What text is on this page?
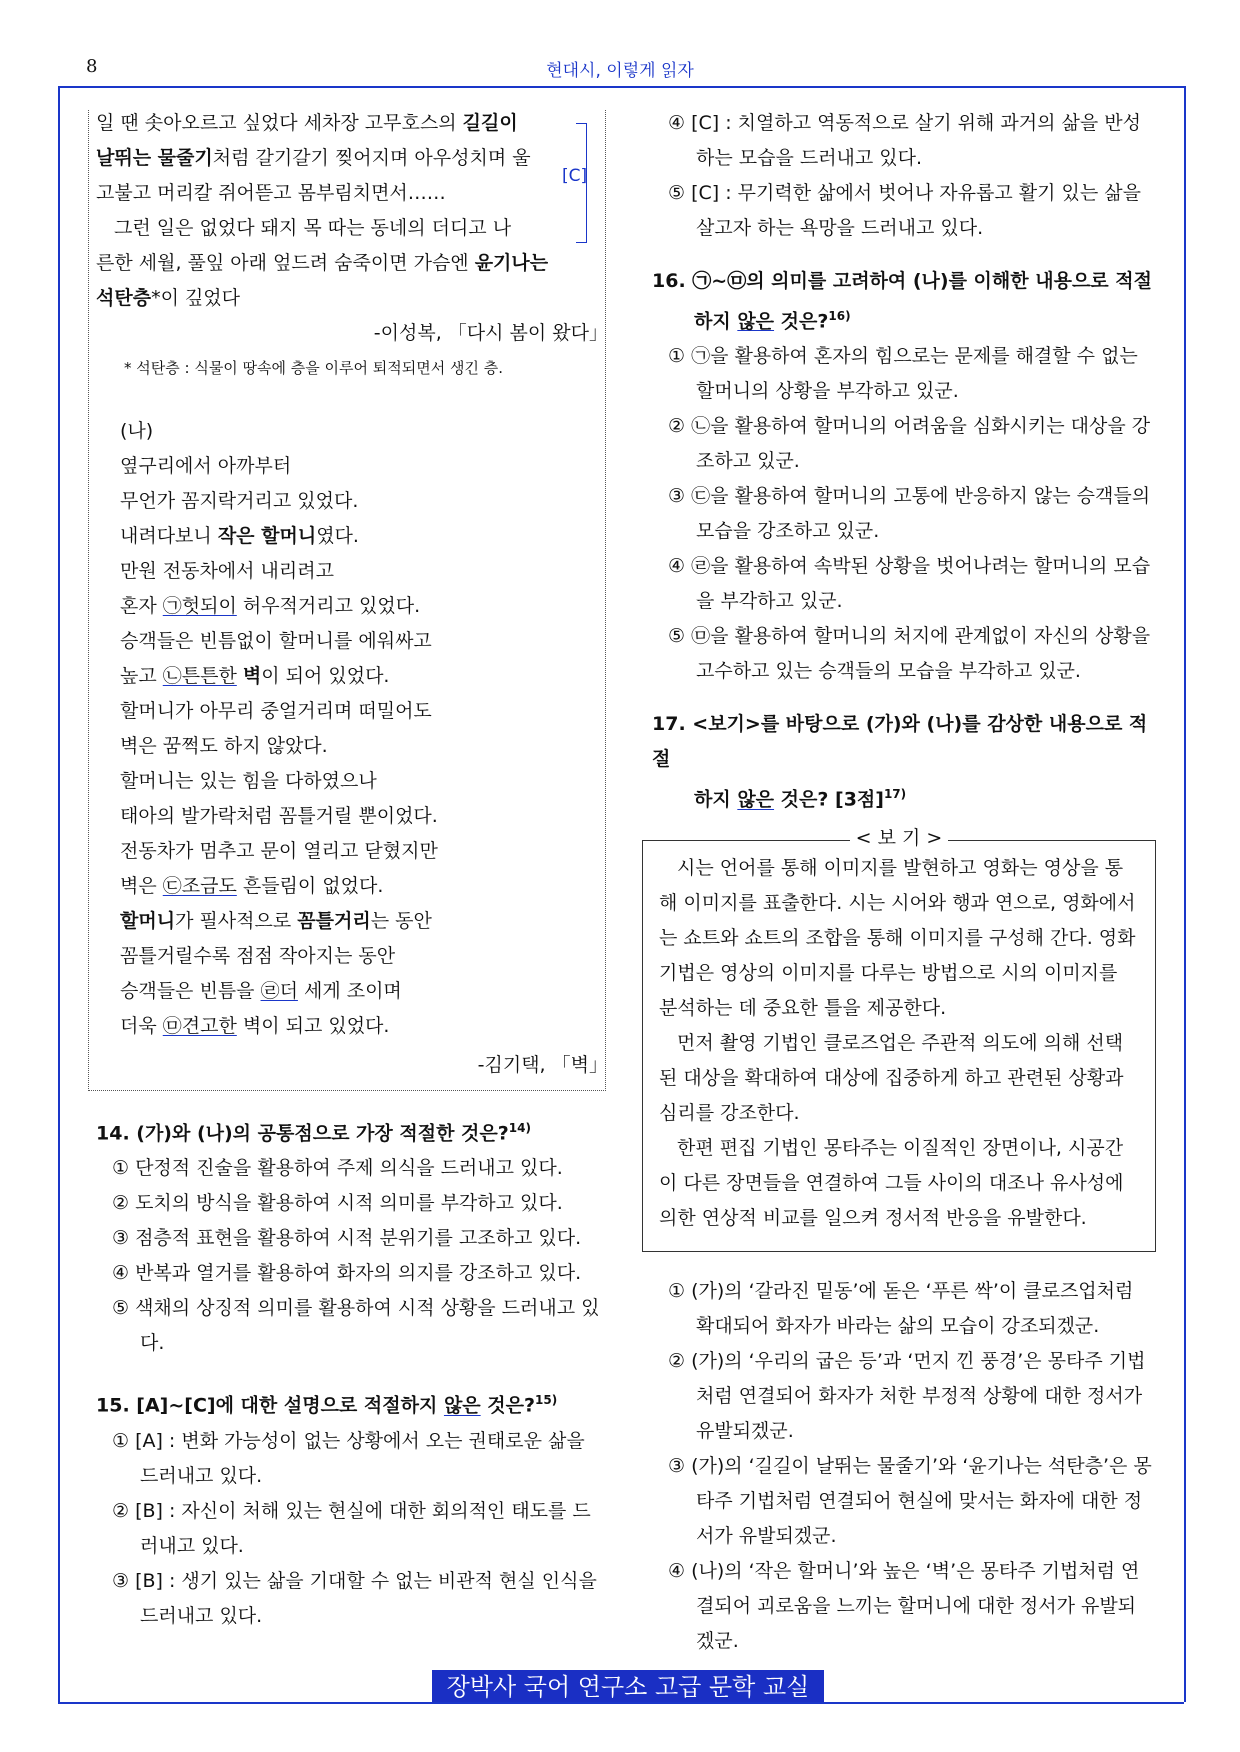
8	현대시, 이렇게 읽자
[C]

일 땐 솟아오르고 싶었다 세차장 고무호스의 길길이

날뛰는 물줄기처럼 갈기갈기 찢어지며 아우성치며 울

고불고 머리칼 쥐어뜯고 몸부림치면서……

그런 일은 없었다 돼지 목 따는 동네의 더디고 나

른한 세월, 풀잎 아래 엎드려 숨죽이면 가슴엔 윤기나는

석탄층*이 깊었다

-이성복, 「다시 봄이 왔다」

* 석탄층 : 식물이 땅속에 층을 이루어 퇴적되면서 생긴 층.

(나)

옆구리에서 아까부터

무언가 꼼지락거리고 있었다.

내려다보니 작은 할머니였다.

만원 전동차에서 내리려고

혼자 ㉠헛되이 허우적거리고 있었다.

승객들은 빈틈없이 할머니를 에워싸고

높고 ㉡튼튼한 벽이 되어 있었다.

할머니가 아무리 중얼거리며 떠밀어도

벽은 꿈쩍도 하지 않았다.

할머니는 있는 힘을 다하였으나

태아의 발가락처럼 꼼틀거릴 뿐이었다.

전동차가 멈추고 문이 열리고 닫혔지만

벽은 ㉢조금도 흔들림이 없었다.

할머니가 필사적으로 꼼틀거리는 동안

꼼틀거릴수록 점점 작아지는 동안

승객들은 빈틈을 ㉣더 세게 조이며

더욱 ㉤견고한 벽이 되고 있었다.

-김기택, 「벽」

14. (가)와 (나)의 공통점으로 가장 적절한 것은?$^{14)}$

① 단정적 진술을 활용하여 주제 의식을 드러내고 있다.

② 도치의 방식을 활용하여 시적 의미를 부각하고 있다.

③ 점층적 표현을 활용하여 시적 분위기를 고조하고 있다.

④ 반복과 열거를 활용하여 화자의 의지를 강조하고 있다.

⑤ 색채의 상징적 의미를 활용하여 시적 상황을 드러내고 있다.

15. [A]~[C]에 대한 설명으로 적절하지 않은 것은?$^{15)}$

① [A] : 변화 가능성이 없는 상황에서 오는 권태로운 삶을 드러내고 있다.

② [B] : 자신이 처해 있는 현실에 대한 회의적인 태도를 드러내고 있다.

③ [B] : 생기 있는 삶을 기대할 수 없는 비관적 현실 인식을 드러내고 있다.

④ [C] : 치열하고 역동적으로 살기 위해 과거의 삶을 반성하는 모습을 드러내고 있다.

⑤ [C] : 무기력한 삶에서 벗어나 자유롭고 활기 있는 삶을 살고자 하는 욕망을 드러내고 있다.

16. ㉠~㉤의 의미를 고려하여 (나)를 이해한 내용으로 적절

하지 않은 것은?$^{16)}$

① ㉠을 활용하여 혼자의 힘으로는 문제를 해결할 수 없는 할머니의 상황을 부각하고 있군.

② ㉡을 활용하여 할머니의 어려움을 심화시키는 대상을 강조하고 있군.

③ ㉢을 활용하여 할머니의 고통에 반응하지 않는 승객들의 모습을 강조하고 있군.

④ ㉣을 활용하여 속박된 상황을 벗어나려는 할머니의 모습을 부각하고 있군.

⑤ ㉤을 활용하여 할머니의 처지에 관계없이 자신의 상황을 고수하고 있는 승객들의 모습을 부각하고 있군.

17. <보기>를 바탕으로 (가)와 (나)를 감상한 내용으로 적절

하지 않은 것은? [3점]$^{17)}$

< 보 기 >

시는 언어를 통해 이미지를 발현하고 영화는 영상을 통해 이미지를 표출한다. 시는 시어와 행과 연으로, 영화에서는 쇼트와 쇼트의 조합을 통해 이미지를 구성해 간다. 영화 기법은 영상의 이미지를 다루는 방법으로 시의 이미지를 분석하는 데 중요한 틀을 제공한다.

먼저 촬영 기법인 클로즈업은 주관적 의도에 의해 선택된 대상을 확대하여 대상에 집중하게 하고 관련된 상황과 심리를 강조한다.

한편 편집 기법인 몽타주는 이질적인 장면이나, 시공간이 다른 장면들을 연결하여 그들 사이의 대조나 유사성에 의한 연상적 비교를 일으켜 정서적 반응을 유발한다.

① (가)의 ‘갈라진 밑동’에 돋은 ‘푸른 싹’이 클로즈업처럼 확대되어 화자가 바라는 삶의 모습이 강조되겠군.

② (가)의 ‘우리의 굽은 등’과 ‘먼지 낀 풍경’은 몽타주 기법처럼 연결되어 화자가 처한 부정적 상황에 대한 정서가 유발되겠군.

③ (가)의 ‘길길이 날뛰는 물줄기’와 ‘윤기나는 석탄층’은 몽타주 기법처럼 연결되어 현실에 맞서는 화자에 대한 정서가 유발되겠군.

④ (나)의 ‘작은 할머니’와 높은 ‘벽’은 몽타주 기법처럼 연결되어 괴로움을 느끼는 할머니에 대한 정서가 유발되겠군.

장박사 국어 연구소 고급 문학 교실
